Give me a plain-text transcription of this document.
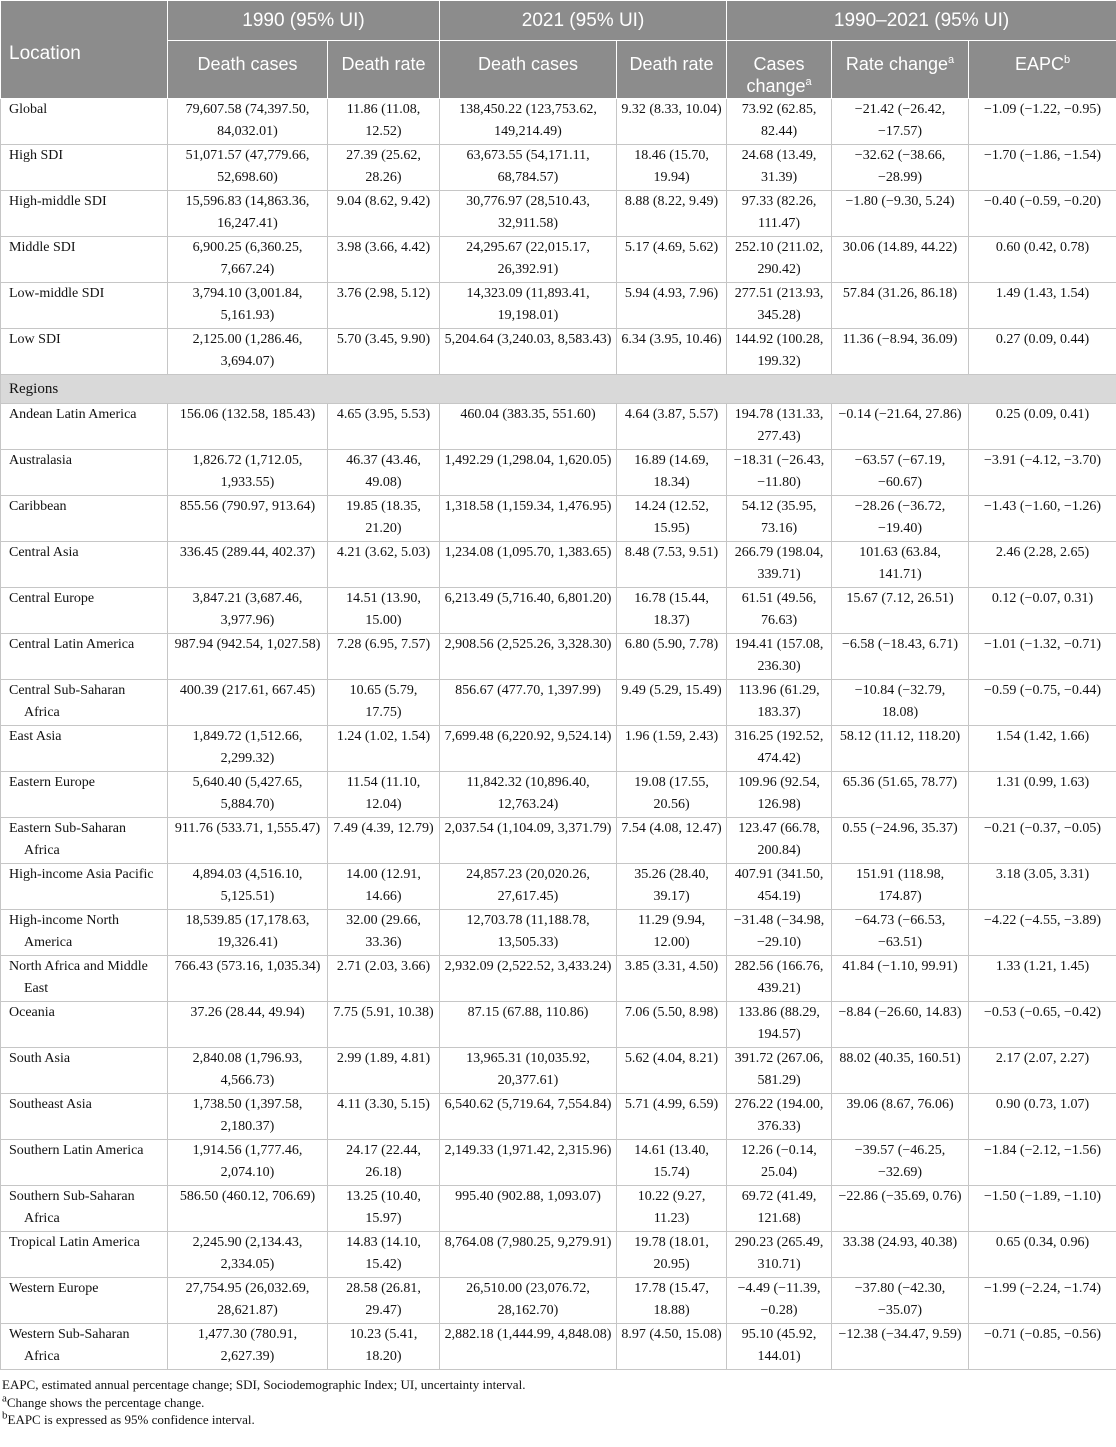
Location	1990 (95% UI)		2021 (95% UI)		1990–2021 (95% UI)		
	Death cases	Death rate	Death cases	Death rate	Cases change$^a$	Rate change$^a$	EAPC$^b$
Global	79,607.58 (74,397.50, 84,032.01)	11.86 (11.08, 12.52)	138,450.22 (123,753.62, 149,214.49)	9.32 (8.33, 10.04)	73.92 (62.85, 82.44)	−21.42 (−26.42, −17.57)	−1.09 (−1.22, −0.95)
High SDI	51,071.57 (47,779.66, 52,698.60)	27.39 (25.62, 28.26)	63,673.55 (54,171.11, 68,784.57)	18.46 (15.70, 19.94)	24.68 (13.49, 31.39)	−32.62 (−38.66, −28.99)	−1.70 (−1.86, −1.54)
High-middle SDI	15,596.83 (14,863.36, 16,247.41)	9.04 (8.62, 9.42)	30,776.97 (28,510.43, 32,911.58)	8.88 (8.22, 9.49)	97.33 (82.26, 111.47)	−1.80 (−9.30, 5.24)	−0.40 (−0.59, −0.20)
Middle SDI	6,900.25 (6,360.25, 7,667.24)	3.98 (3.66, 4.42)	24,295.67 (22,015.17, 26,392.91)	5.17 (4.69, 5.62)	252.10 (211.02, 290.42)	30.06 (14.89, 44.22)	0.60 (0.42, 0.78)
Low-middle SDI	3,794.10 (3,001.84, 5,161.93)	3.76 (2.98, 5.12)	14,323.09 (11,893.41, 19,198.01)	5.94 (4.93, 7.96)	277.51 (213.93, 345.28)	57.84 (31.26, 86.18)	1.49 (1.43, 1.54)
Low SDI	2,125.00 (1,286.46, 3,694.07)	5.70 (3.45, 9.90)	5,204.64 (3,240.03, 8,583.43)	6.34 (3.95, 10.46)	144.92 (100.28, 199.32)	11.36 (−8.94, 36.09)	0.27 (0.09, 0.44)
Regions							
Andean Latin America	156.06 (132.58, 185.43)	4.65 (3.95, 5.53)	460.04 (383.35, 551.60)	4.64 (3.87, 5.57)	194.78 (131.33, 277.43)	−0.14 (−21.64, 27.86)	0.25 (0.09, 0.41)
Australasia	1,826.72 (1,712.05, 1,933.55)	46.37 (43.46, 49.08)	1,492.29 (1,298.04, 1,620.05)	16.89 (14.69, 18.34)	−18.31 (−26.43, −11.80)	−63.57 (−67.19, −60.67)	−3.91 (−4.12, −3.70)
Caribbean	855.56 (790.97, 913.64)	19.85 (18.35, 21.20)	1,318.58 (1,159.34, 1,476.95)	14.24 (12.52, 15.95)	54.12 (35.95, 73.16)	−28.26 (−36.72, −19.40)	−1.43 (−1.60, −1.26)
Central Asia	336.45 (289.44, 402.37)	4.21 (3.62, 5.03)	1,234.08 (1,095.70, 1,383.65)	8.48 (7.53, 9.51)	266.79 (198.04, 339.71)	101.63 (63.84, 141.71)	2.46 (2.28, 2.65)
Central Europe	3,847.21 (3,687.46, 3,977.96)	14.51 (13.90, 15.00)	6,213.49 (5,716.40, 6,801.20)	16.78 (15.44, 18.37)	61.51 (49.56, 76.63)	15.67 (7.12, 26.51)	0.12 (−0.07, 0.31)
Central Latin America	987.94 (942.54, 1,027.58)	7.28 (6.95, 7.57)	2,908.56 (2,525.26, 3,328.30)	6.80 (5.90, 7.78)	194.41 (157.08, 236.30)	−6.58 (−18.43, 6.71)	−1.01 (−1.32, −0.71)
Central Sub-Saharan Africa	400.39 (217.61, 667.45)	10.65 (5.79, 17.75)	856.67 (477.70, 1,397.99)	9.49 (5.29, 15.49)	113.96 (61.29, 183.37)	−10.84 (−32.79, 18.08)	−0.59 (−0.75, −0.44)
East Asia	1,849.72 (1,512.66, 2,299.32)	1.24 (1.02, 1.54)	7,699.48 (6,220.92, 9,524.14)	1.96 (1.59, 2.43)	316.25 (192.52, 474.42)	58.12 (11.12, 118.20)	1.54 (1.42, 1.66)
Eastern Europe	5,640.40 (5,427.65, 5,884.70)	11.54 (11.10, 12.04)	11,842.32 (10,896.40, 12,763.24)	19.08 (17.55, 20.56)	109.96 (92.54, 126.98)	65.36 (51.65, 78.77)	1.31 (0.99, 1.63)
Eastern Sub-Saharan Africa	911.76 (533.71, 1,555.47)	7.49 (4.39, 12.79)	2,037.54 (1,104.09, 3,371.79)	7.54 (4.08, 12.47)	123.47 (66.78, 200.84)	0.55 (−24.96, 35.37)	−0.21 (−0.37, −0.05)
High-income Asia Pacific	4,894.03 (4,516.10, 5,125.51)	14.00 (12.91, 14.66)	24,857.23 (20,020.26, 27,617.45)	35.26 (28.40, 39.17)	407.91 (341.50, 454.19)	151.91 (118.98, 174.87)	3.18 (3.05, 3.31)
High-income North America	18,539.85 (17,178.63, 19,326.41)	32.00 (29.66, 33.36)	12,703.78 (11,188.78, 13,505.33)	11.29 (9.94, 12.00)	−31.48 (−34.98, −29.10)	−64.73 (−66.53, −63.51)	−4.22 (−4.55, −3.89)
North Africa and Middle East	766.43 (573.16, 1,035.34)	2.71 (2.03, 3.66)	2,932.09 (2,522.52, 3,433.24)	3.85 (3.31, 4.50)	282.56 (166.76, 439.21)	41.84 (−1.10, 99.91)	1.33 (1.21, 1.45)
Oceania	37.26 (28.44, 49.94)	7.75 (5.91, 10.38)	87.15 (67.88, 110.86)	7.06 (5.50, 8.98)	133.86 (88.29, 194.57)	−8.84 (−26.60, 14.83)	−0.53 (−0.65, −0.42)
South Asia	2,840.08 (1,796.93, 4,566.73)	2.99 (1.89, 4.81)	13,965.31 (10,035.92, 20,377.61)	5.62 (4.04, 8.21)	391.72 (267.06, 581.29)	88.02 (40.35, 160.51)	2.17 (2.07, 2.27)
Southeast Asia	1,738.50 (1,397.58, 2,180.37)	4.11 (3.30, 5.15)	6,540.62 (5,719.64, 7,554.84)	5.71 (4.99, 6.59)	276.22 (194.00, 376.33)	39.06 (8.67, 76.06)	0.90 (0.73, 1.07)
Southern Latin America	1,914.56 (1,777.46, 2,074.10)	24.17 (22.44, 26.18)	2,149.33 (1,971.42, 2,315.96)	14.61 (13.40, 15.74)	12.26 (−0.14, 25.04)	−39.57 (−46.25, −32.69)	−1.84 (−2.12, −1.56)
Southern Sub-Saharan Africa	586.50 (460.12, 706.69)	13.25 (10.40, 15.97)	995.40 (902.88, 1,093.07)	10.22 (9.27, 11.23)	69.72 (41.49, 121.68)	−22.86 (−35.69, 0.76)	−1.50 (−1.89, −1.10)
Tropical Latin America	2,245.90 (2,134.43, 2,334.05)	14.83 (14.10, 15.42)	8,764.08 (7,980.25, 9,279.91)	19.78 (18.01, 20.95)	290.23 (265.49, 310.71)	33.38 (24.93, 40.38)	0.65 (0.34, 0.96)
Western Europe	27,754.95 (26,032.69, 28,621.87)	28.58 (26.81, 29.47)	26,510.00 (23,076.72, 28,162.70)	17.78 (15.47, 18.88)	−4.49 (−11.39, −0.28)	−37.80 (−42.30, −35.07)	−1.99 (−2.24, −1.74)
Western Sub-Saharan Africa	1,477.30 (780.91, 2,627.39)	10.23 (5.41, 18.20)	2,882.18 (1,444.99, 4,848.08)	8.97 (4.50, 15.08)	95.10 (45.92, 144.01)	−12.38 (−34.47, 9.59)	−0.71 (−0.85, −0.56)
EAPC, estimated annual percentage change; SDI, Sociodemographic Index; UI, uncertainty interval.
$^a$Change shows the percentage change.
$^b$EAPC is expressed as 95% confidence interval.
